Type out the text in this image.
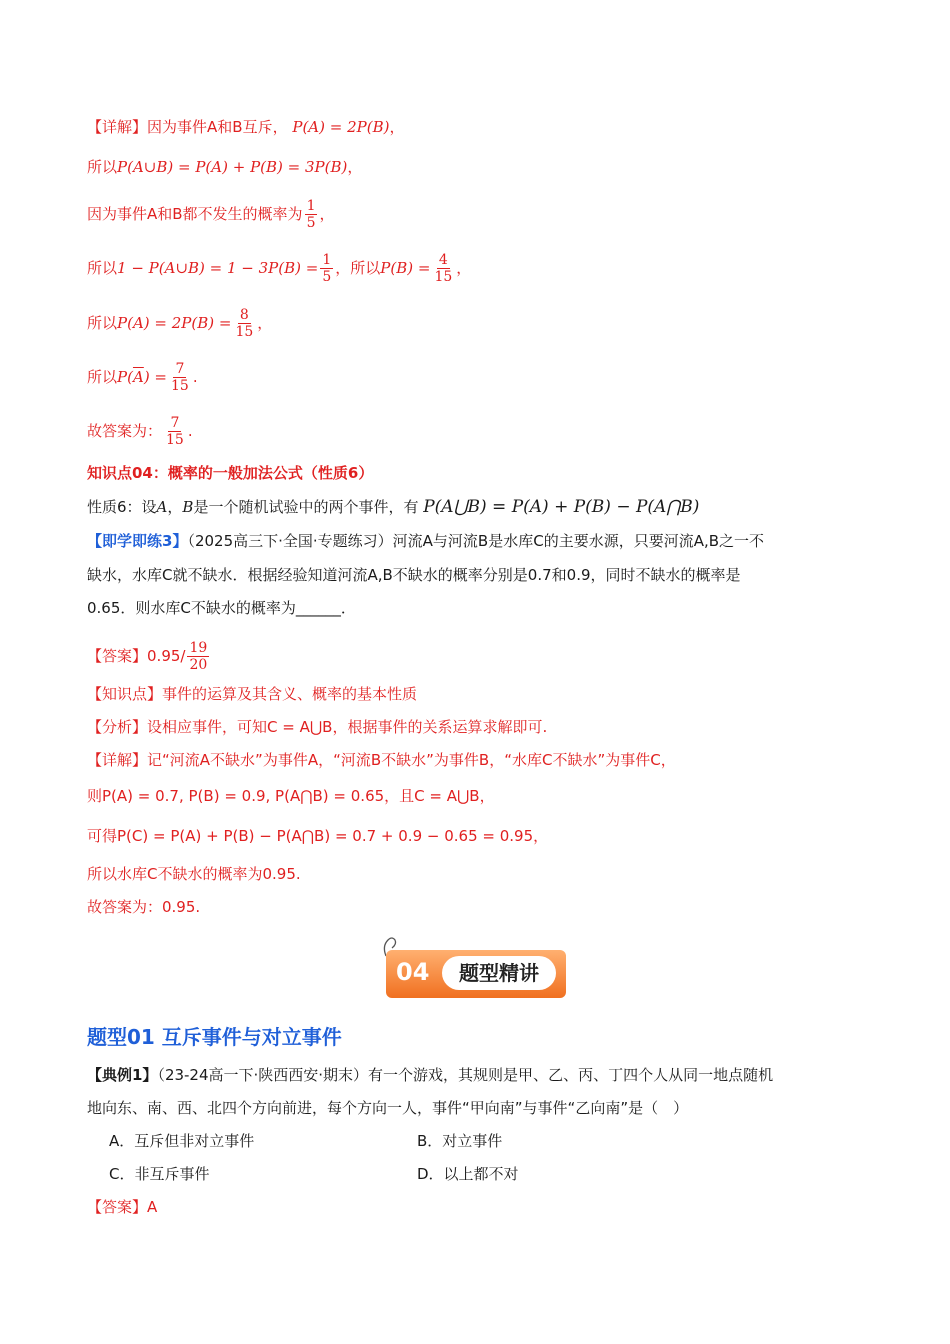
【详解】因为事件A和B互斥， P(A) = 2P(B)，
所以P(A∪B) = P(A) + P(B) = 3P(B)，
因为事件A和B都不发生的概率为 $\frac{1}{5}$ ，
所以1 − P(A∪B) = $1 - 3P(B) = \frac{1}{5}$ ，所以$P(B) = \frac{4}{15}$ ，
所以$P(A) = 2P(B) = \frac{8}{15}$ ，
所以$P(\overline{A}) = \frac{7}{15}$ .
故答案为： $\frac{7}{15}$ .
知识点04：概率的一般加法公式（性质6）
性质6：设A，B是一个随机试验中的两个事件，有 P(A⋃B) = P(A) + P(B) − P(A⋂B)
【即学即练3】（2025高三下·全国·专题练习）河流A与河流B是水库C的主要水源，只要河流A,B之一不
缺水，水库C就不缺水．根据经验知道河流A,B不缺水的概率分别是0.7和0.9，同时不缺水的概率是
0.65．则水库C不缺水的概率为______．
【答案】$0.95/ \frac{19}{20}$
【知识点】事件的运算及其含义、概率的基本性质
【分析】设相应事件，可知C = A⋃B，根据事件的关系运算求解即可.
【详解】记“河流A不缺水”为事件A，“河流B不缺水”为事件B，“水库C不缺水”为事件C，
则P(A) = 0.7, P(B) = 0.9, P(A⋂B) = 0.65，且C = A⋃B，
可得P(C) = P(A) + P(B) − P(A⋂B) = 0.7 + 0.9 − 0.65 = 0.95，
所以水库C不缺水的概率为0.95.
故答案为：0.95.
04	题型精讲
题型01 互斥事件与对立事件
【典例1】（23-24高一下·陕西西安·期末）有一个游戏，其规则是甲、乙、丙、丁四个人从同一地点随机
地向东、南、西、北四个方向前进，每个方向一人，事件“甲向南”与事件“乙向南”是（　）
A．互斥但非对立事件	B．对立事件
C．非互斥事件	D．以上都不对
【答案】A
